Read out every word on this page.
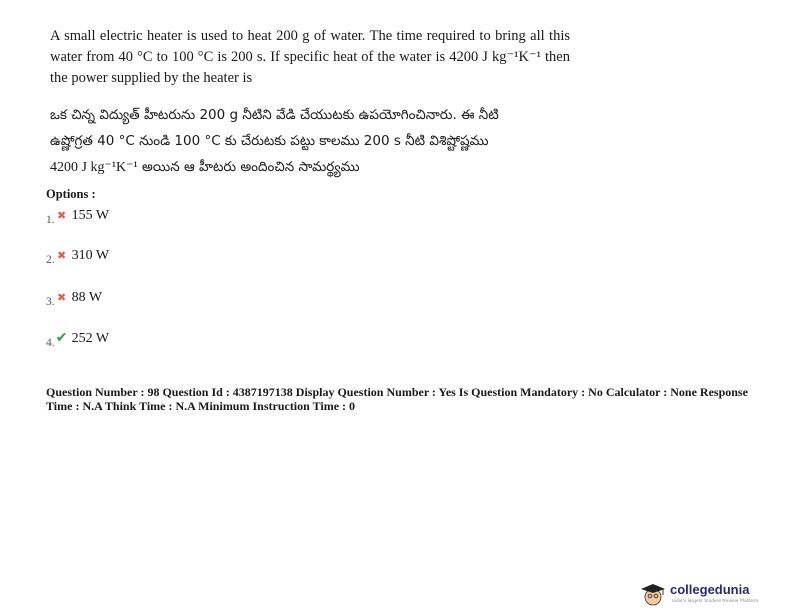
A small electric heater is used to heat 200 g of water. The time required to bring all this water from 40 °C to 100 °C is 200 s. If specific heat of the water is 4200 J kg⁻¹K⁻¹ then the power supplied by the heater is
ఒక చిన్న విద్యుత్ హీటరును 200 g నీటిని వేడి చేయుటకు ఉపయోగించినారు. ఈ నీటి
ఉష్ణోగ్రత 40 °C నుండి 100 °C కు చేరుటకు పట్టు కాలము 200 s నీటి విశిష్టోష్ణము
4200 J kg⁻¹K⁻¹ అయిన ఆ హీటరు అందించిన సామర్థ్యము
Options :
$_{1.}$ ✖ 155 W
$_{2.}$ ✖ 310 W
$_{3.}$ ✖ 88 W
$_{4.}$✔ 252 W
Question Number : 98 Question Id : 4387197138 Display Question Number : Yes Is Question Mandatory : No Calculator : None Response
Time : N.A Think Time : N.A Minimum Instruction Time : 0
collegedunia
India's largest Student Review Platform
